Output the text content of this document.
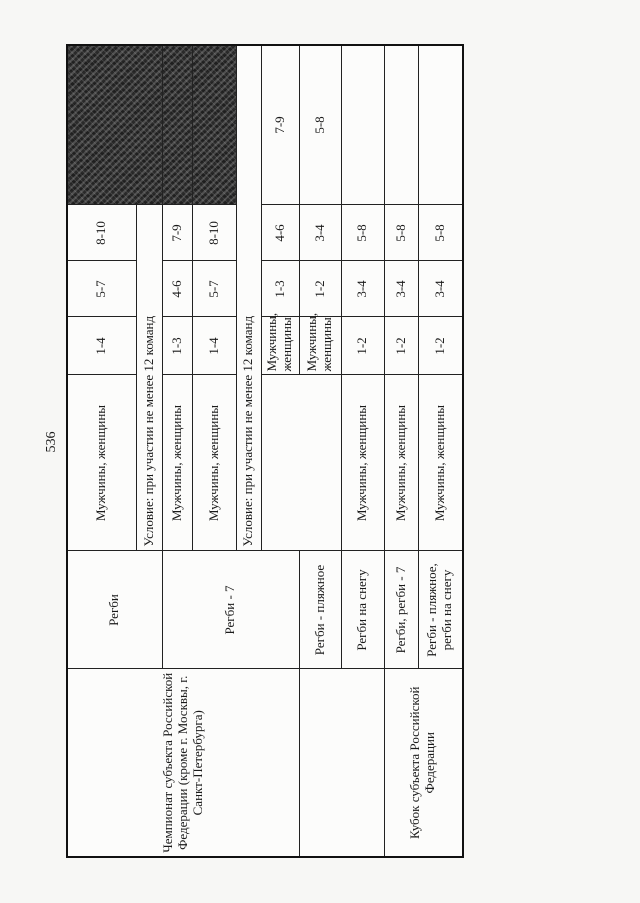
536
Чемпионат субъекта Российской Федерации (кроме г. Москвы, г. Санкт-Петербурга)	Регби	Мужчины, женщины	1-4	5-7	8-10		
		Условие: при участии не менее 12 команд					
	Регби - 7	Мужчины, женщины	1-3	4-6	7-9		
		Мужчины, женщины	1-4	5-7	8-10		
		Условие: при участии не менее 12 команд					
			Мужчины, женщины	1-3	4-6	7-9	
	Регби - пляжное		Мужчины, женщины	1-2	3-4	5-8	
	Регби на снегу	Мужчины, женщины	1-2	3-4	5-8		
Кубок субъекта Российской Федерации	Регби, регби - 7	Мужчины, женщины	1-2	3-4	5-8		
	Регби - пляжное, регби на снегу	Мужчины, женщины	1-2	3-4	5-8		
